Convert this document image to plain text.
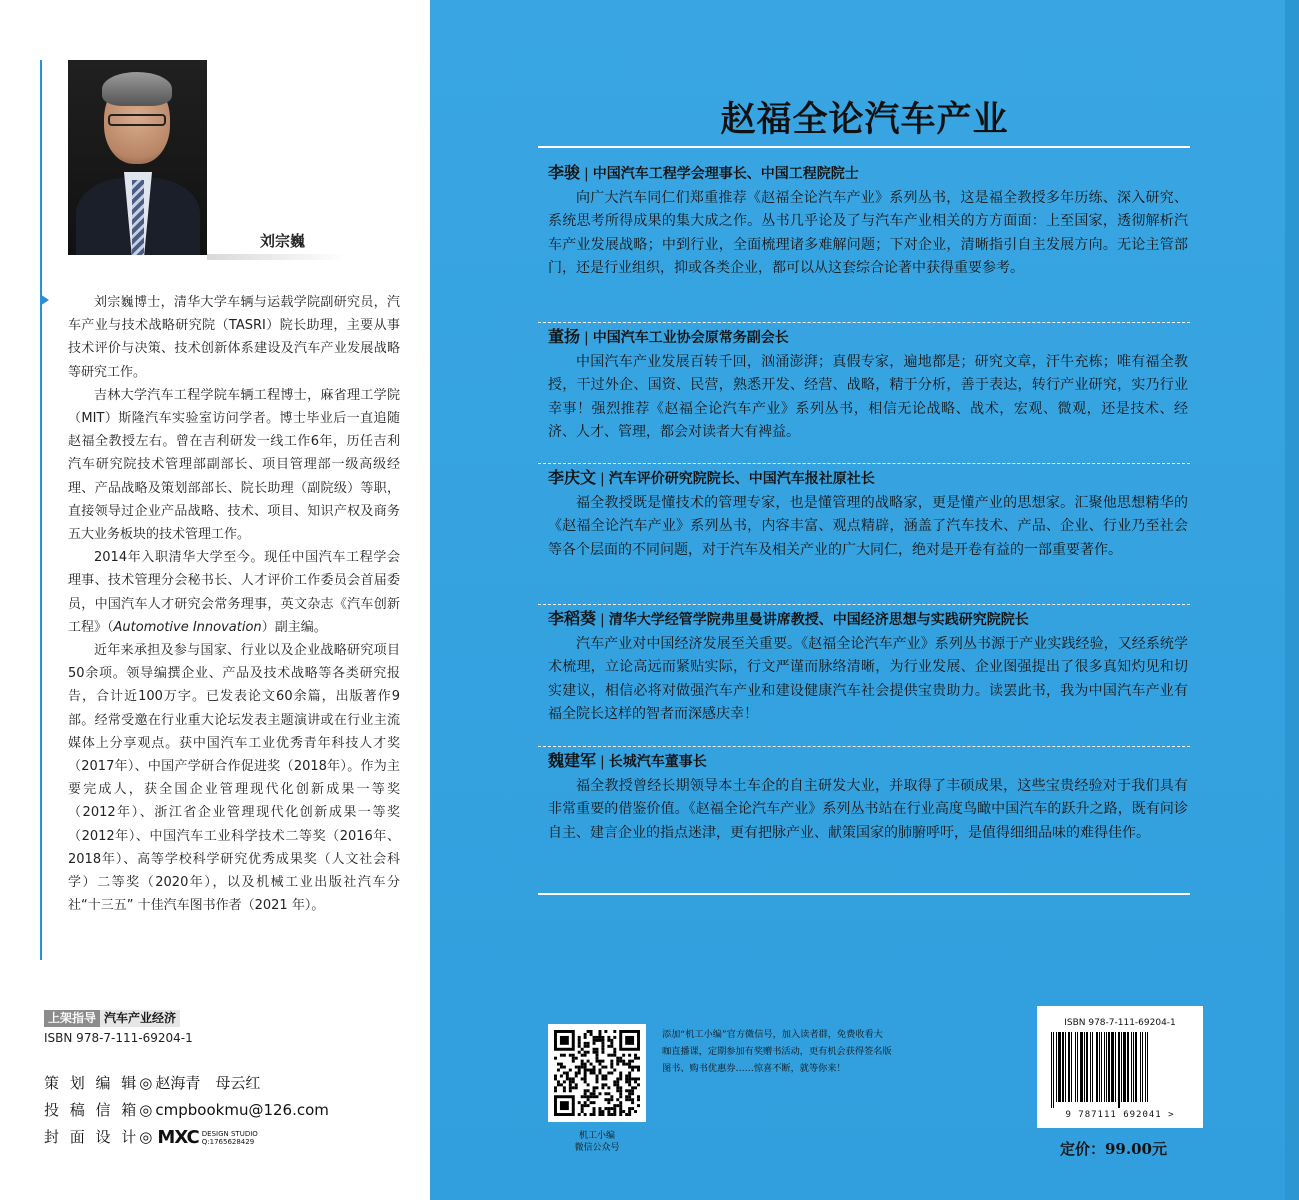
刘宗巍

刘宗巍博士，清华大学车辆与运载学院副研究员，汽车产业与技术战略研究院（TASRI）院长助理，主要从事技术评价与决策、技术创新体系建设及汽车产业发展战略等研究工作。

吉林大学汽车工程学院车辆工程博士，麻省理工学院（MIT）斯隆汽车实验室访问学者。博士毕业后一直追随赵福全教授左右。曾在吉利研发一线工作6年，历任吉利汽车研究院技术管理部副部长、项目管理部一级高级经理、产品战略及策划部部长、院长助理（副院级）等职，直接领导过企业产品战略、技术、项目、知识产权及商务五大业务板块的技术管理工作。

2014年入职清华大学至今。现任中国汽车工程学会理事、技术管理分会秘书长、人才评价工作委员会首届委员，中国汽车人才研究会常务理事，英文杂志《汽车创新工程》（Automotive Innovation）副主编。

近年来承担及参与国家、行业以及企业战略研究项目50余项。领导编撰企业、产品及技术战略等各类研究报告，合计近100万字。已发表论文60余篇，出版著作9部。经常受邀在行业重大论坛发表主题演讲或在行业主流媒体上分享观点。获中国汽车工业优秀青年科技人才奖（2017年）、中国产学研合作促进奖（2018年）。作为主要完成人，获全国企业管理现代化创新成果一等奖（2012年）、浙江省企业管理现代化创新成果一等奖（2012年）、中国汽车工业科学技术二等奖（2016年、2018年）、高等学校科学研究优秀成果奖（人文社会科学）二等奖（2020年），以及机械工业出版社汽车分社“十三五” 十佳汽车图书作者（2021 年）。

上架指导 汽车产业经济
ISBN 978-7-111-69204-1
策 划 编 辑◎ 赵海青　母云红
投 稿 信 箱◎ cmpbookmu@126.com
封 面 设 计◎ MXC DESIGN STUDIO
Q:1765628429
赵福全论汽车产业
李骏 | 中国汽车工程学会理事长、中国工程院院士
向广大汽车同仁们郑重推荐《赵福全论汽车产业》系列丛书，这是福全教授多年历练、深入研究、系统思考所得成果的集大成之作。丛书几乎论及了与汽车产业相关的方方面面：上至国家，透彻解析汽车产业发展战略；中到行业，全面梳理诸多难解问题；下对企业，清晰指引自主发展方向。无论主管部门，还是行业组织，抑或各类企业，都可以从这套综合论著中获得重要参考。
董扬 | 中国汽车工业协会原常务副会长
中国汽车产业发展百转千回，汹涌澎湃；真假专家，遍地都是；研究文章，汗牛充栋；唯有福全教授，干过外企、国资、民营，熟悉开发、经营、战略，精于分析，善于表达，转行产业研究，实乃行业幸事！强烈推荐《赵福全论汽车产业》系列丛书，相信无论战略、战术，宏观、微观，还是技术、经济、人才、管理，都会对读者大有裨益。
李庆文 | 汽车评价研究院院长、中国汽车报社原社长
福全教授既是懂技术的管理专家，也是懂管理的战略家，更是懂产业的思想家。汇聚他思想精华的《赵福全论汽车产业》系列丛书，内容丰富、观点精辟，涵盖了汽车技术、产品、企业、行业乃至社会等各个层面的不同问题，对于汽车及相关产业的广大同仁，绝对是开卷有益的一部重要著作。
李稻葵 | 清华大学经管学院弗里曼讲席教授、中国经济思想与实践研究院院长
汽车产业对中国经济发展至关重要。《赵福全论汽车产业》系列丛书源于产业实践经验，又经系统学术梳理，立论高远而紧贴实际，行文严谨而脉络清晰，为行业发展、企业图强提出了很多真知灼见和切实建议，相信必将对做强汽车产业和建设健康汽车社会提供宝贵助力。读罢此书，我为中国汽车产业有福全院长这样的智者而深感庆幸！
魏建军 | 长城汽车董事长
福全教授曾经长期领导本土车企的自主研发大业，并取得了丰硕成果，这些宝贵经验对于我们具有非常重要的借鉴价值。《赵福全论汽车产业》系列丛书站在行业高度鸟瞰中国汽车的跃升之路，既有问诊自主、建言企业的指点迷津，更有把脉产业、献策国家的肺腑呼吁，是值得细细品味的难得佳作。
机工小编
微信公众号
添加“机工小编”官方微信号，加入读者群，免费收看大咖直播课，定期参加有奖赠书活动，更有机会获得签名版图书、购书优惠券……惊喜不断，就等你来！
ISBN 978-7-111-69204-1
9 787111 692041 >
定价：99.00元
